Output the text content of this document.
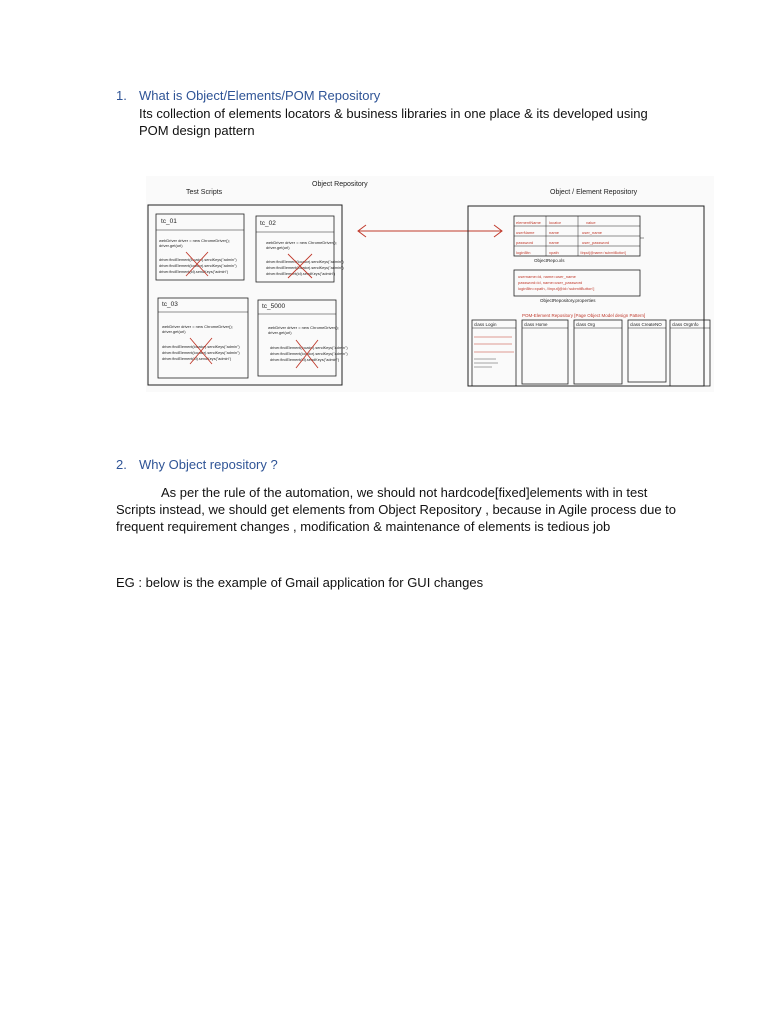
1. What is Object/Elements/POM Repository
Its collection of elements locators & business libraries in one place & its developed using
POM design pattern
Test Scripts
Object Repository
Object / Element Repository
tc_01
webDriver driver = new ChromeDriver();
driver.get(url)
driver.findElement(locator).sendKeys("admin")
driver.findElement(locator).sendKeys("admin")
driver.findElement(id).sendKeys("admin")
tc_02
webDriver driver = new ChromeDriver();
driver.get(url)
driver.findElement(locator).sendKeys("admin")
driver.findElement(locator).sendKeys("admin")
driver.findElement(id).sendKeys("admin")
tc_03
webDriver driver = new ChromeDriver();
driver.get(url)
driver.findElement(locator).sendKeys("admin")
driver.findElement(locator).sendKeys("admin")
driver.findElement(id).sendKeys("admin")
tc_5000
webDriver driver = new ChromeDriver();
driver.get(url)
driver.findElement(locator).sendKeys("admin")
driver.findElement(locator).sendKeys("admin")
driver.findElement(id).sendKeys("admin")
elementName locator	value
userName	name	user_name
password	name	user_password
loginBtn	xpath	//input[@name='submitButton']
ObjectRepo.xls
username=id, name=user_name
password=id, name=user_password
loginBtn=xpath, //input[@id='submitButton']
ObjectRepository.properties
POM-Element Repository [Page Object Model design Pattern]
class Login	class Home	class Org	class CreateNO class OrgInfo
2. Why Object repository ?
As per the rule of the automation, we should not hardcode[fixed]elements with in test
Scripts instead, we should get elements from Object Repository , because in Agile process due to
frequent requirement changes , modification & maintenance of elements is tedious job
EG : below is the example of Gmail application for GUI changes
